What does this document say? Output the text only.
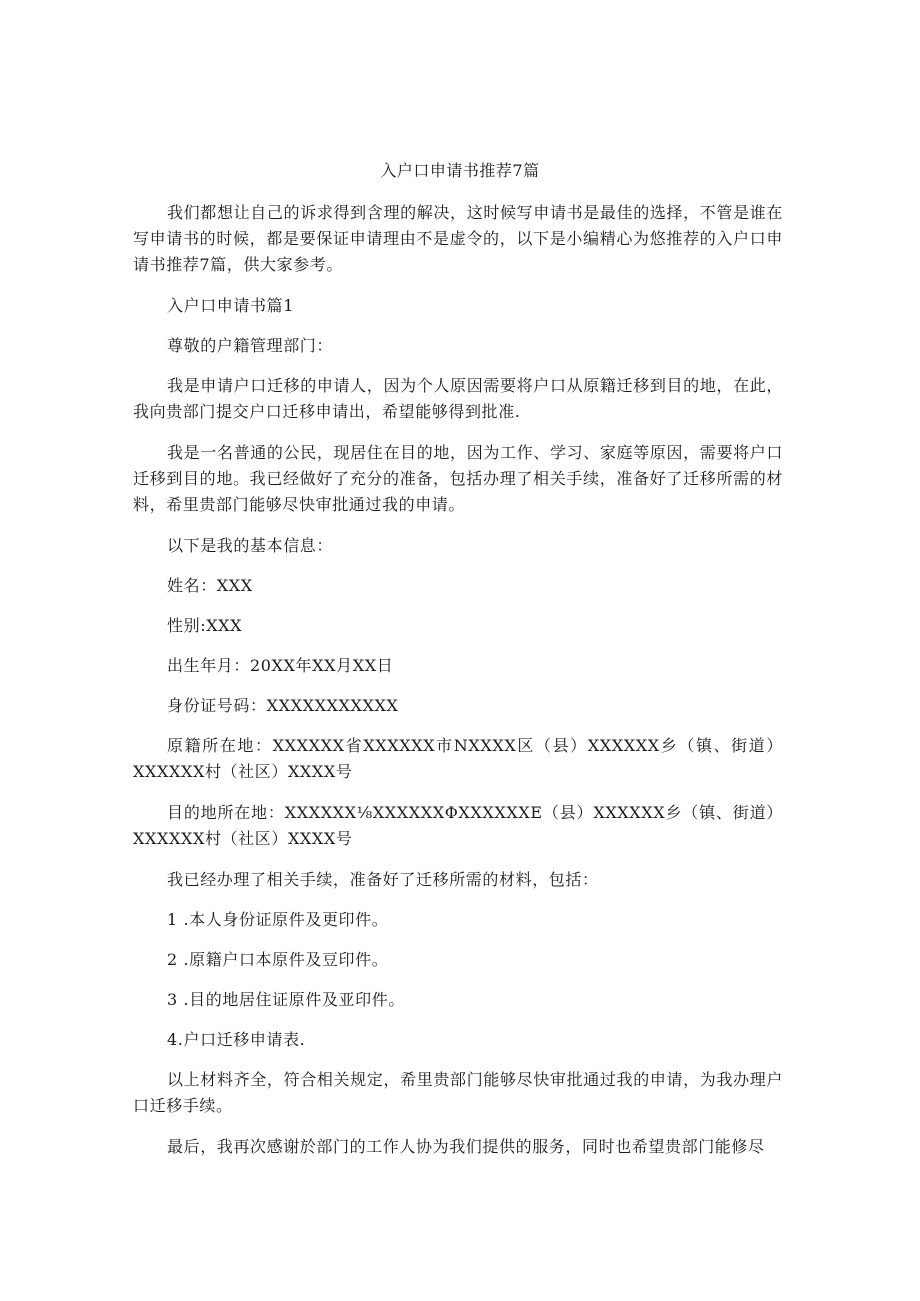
入户口申请书推荐7篇

我们都想让自己的诉求得到含理的解决，这时候写申请书是最佳的选择，不管是谁在写申请书的时候，都是要保证申请理由不是虚令的，以下是小编精心为悠推荐的入户口申请书推荐7篇，供大家参考。

入户口申请书篇1

尊敬的户籍管理部门：

我是申请户口迁移的申请人，因为个人原因需要将户口从原籍迁移到目的地，在此，我向贵部门提交户口迁移申请出，希望能够得到批准.

我是一名普通的公民，现居住在目的地，因为工作、学习、家庭等原因，需要将户口迁移到目的地。我已经做好了充分的准备，包括办理了相关手续，准备好了迁移所需的材料，希里贵部门能够尽快审批通过我的申请。

以下是我的基本信息：

姓名：XXX

性别:XXX

出生年月：20XX年XX月XX日

身份证号码：XXXXXXXXXXX

原籍所在地：XXXXXX省XXXXXX市NXXXX区（县）XXXXXX乡（镇、街道）XXXXXX村（社区）XXXX号

目的地所在地：XXXXXX⅛XXXXXXΦXXXXXXE（县）XXXXXX乡（镇、街道）XXXXXX村（社区）XXXX号

我已经办理了相关手续，准备好了迁移所需的材料，包括：

1 .本人身份证原件及更印件。

2 .原籍户口本原件及豆印件。

3 .目的地居住证原件及亚印件。

4.户口迁移申请表.

以上材料齐全，符合相关规定，希里贵部门能够尽快审批通过我的申请，为我办理户口迁移手续。

最后，我再次感谢於部门的工作人协为我们提供的服务，同时也希望贵部门能修尽
